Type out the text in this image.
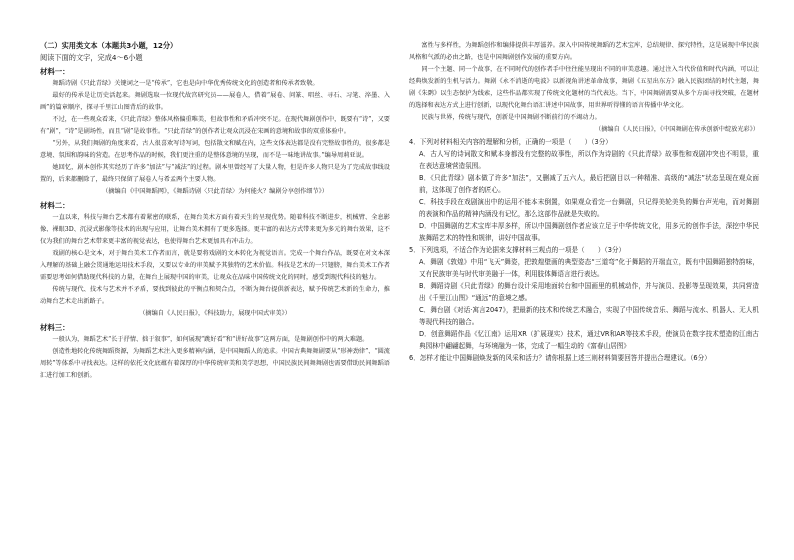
（二）实用类文本（本题共3小题，12分）
阅读下面的文字，完成4～6小题
材料一：

舞蹈诗剧《只此青绿》关键词之一是“传承”，它也是向中华优秀传统文化的创造者和传承者致敬。

最好的传承是让历史活起来。舞剧选取一位现代故宫研究员——展卷人，借着“展卷、问篆、唱丝、寻石、习笔、淬墨、入画”的篇章顺序，探寻千里江山图背后的故事。

不过，在一些观众看来，《只此青绿》整体风格偏重唯美，但故事性和矛盾冲突不足。在现代舞剧创作中，既要有“诗”，又要有“剧”，“诗”是剧场性，而且“剧”是故事性。“只此青绿”的创作者让观众沉浸在宋画的意境和故事的双重体验中。

“另外，从我们舞剧的角度来看，古人很喜欢写诗写词，包括散文和赋在内，这些文体表达都是没有完整故事性的，很多都是意境、氛围和韵味的营造。在思考作品的时候，我们更注重的是整体意境的呈现，而不是一味地讲故事。”编导周莉亚说。

她回忆，剧本创作其实经历了许多“加法”与“减法”的过程。剧本里曾经写了大量人物，但是许多人物只是为了完成故事线设置的，后来都删除了，最终只保留了展卷人与希孟两个主要人物。

（摘编自《中国舞蹈网》，《舞蹈诗剧〈只此青绿〉为何能火？编剧分享创作细节》）

材料二：

一直以来，科技与舞台艺术都有着紧密的联系，在舞台美术方面有着天生的呈现优势。随着科技不断进步，机械臂、全息影像、裸眼3D、沉浸式影像等技术的出现与应用，让舞台美术拥有了更多选择。更丰富的表达方式带来更为多元的舞台效果，这不仅为我们的舞台艺术带来更丰富的视觉表达，也使得舞台艺术更加具有冲击力。

戏剧的核心是文本，对于舞台美术工作者而言，就是要将戏剧的文本转化为视觉语言。完成一个舞台作品，既要在对文本深入理解的基础上融会贯通地运用技术手段，又要以专业的审美赋予其独特的艺术价值。科技是艺术的一只翅膀，舞台美术工作者需要思考如何借助现代科技的力量，在舞台上展现中国的审美，让观众在品味中国传统文化的同时，感受到现代科技的魅力。

传统与现代、技术与艺术并不矛盾，要找到彼此的平衡点和契合点，不断为舞台提供新表达，赋予传统艺术新的生命力，推动舞台艺术走出新路子。

（摘编自《人民日报》，《科技助力，展现中国式审美》）

材料三：

一般认为，舞蹈艺术“长于抒情、拙于叙事”，如何展现“跳好看”和“讲好故事”这两方面，是舞剧创作中的两大难题。

创造性地转化传统舞蹈资源，为舞蹈艺术注入更多精神内涵，是中国舞蹈人的追求。中国古典舞舞剧要从“形神劲律”、“圆流周转”等体系中寻找表达。这样的依托文化底蕴有着深厚的中华传统审美和美学思想，中国民族民间舞舞剧也需要借助民间舞蹈语汇进行加工和创新。

富性与多样性，为舞蹈创作和编排提供丰厚滋养。深入中国传统舞蹈的艺术宝库，总结规律、探究特性，这是展现中华民族风格和气派的必由之路，也是中国舞剧创作发展的重要方向。

同一个主题、同一个故事，在不同时代的创作者手中往往能呈现出不同的审美意趣。通过注入当代价值和时代内涵，可以让经典焕发新的生机与活力。舞剧《永不消逝的电波》以新视角讲述革命故事，舞剧《五星出东方》融入民族团结的时代主题，舞剧《朱鹮》以生态保护为线索，这些作品都实现了传统文化题材的当代表达。当下，中国舞剧需要从多个方面寻找突破，在题材的选择和表达方式上进行创新，以现代化舞台语汇讲述中国故事，用世界听得懂的语言传播中华文化。

民族与世界，传统与现代，创新是中国舞剧不断前行的不竭动力。

（摘编自《人民日报》，《中国舞剧在传承创新中绽放光彩》）

4．下列对材料相关内容的理解和分析，正确的一项是（　　）（3分）

A．古人写的诗词散文和赋本身都没有完整的故事性，所以作为诗剧的《只此青绿》故事性和戏剧冲突也不明显，重在表达意境营造氛围。

B．《只此青绿》剧本做了许多“加法”，又删减了五六人，最后把剧目以一种精准、高级的“减法”状态呈现在观众面前，这体现了创作者的匠心。

C．科技手段在戏剧演出中的运用不能本末倒置，如果观众看完一台舞剧，只记得美轮美奂的舞台声光电，而对舞剧的表演和作品的精神内涵没有记忆，那么这部作品就是失败的。

D．中国舞剧的艺术宝库丰厚多样，所以中国舞剧创作者应该立足于中华传统文化，用多元的创作手法，深挖中华民族舞蹈艺术的特性和规律，讲好中国故事。

5．下列选项，不适合作为论据来支撑材料三观点的一项是（　　）（3分）

A．舞剧《敦煌》中用“飞天”舞姿，把敦煌壁画的典型姿态“三道弯”化于舞蹈的开端直立，既有中国舞蹈独特韵味，又有民族审美与时代审美融于一体，利用肢体舞语言进行表达。

B．舞蹈诗剧《只此青绿》的舞台设计采用地面转台和中国画里的机械动作，并与演员、投影等呈现效果，共同营造出《千里江山图》“通远”的意境之感。

C．舞台剧《对话·寓言2047》，把最新的技术和传统艺术融合，实现了中国传统音乐、舞蹈与流水、机器人、无人机等现代科技的融合。

D．创意舞蹈作品《忆江南》运用XR（扩展现实）技术，通过VR和AR等技术手段，使演员在数字技术塑造的江南古典园林中翩翩起舞，与环境融为一体，完成了一幅生动的《富春山居图》

6．怎样才能让中国舞剧焕发新的风采和活力？请你根据上述三则材料简要回答并提出合理建议。（6分）
